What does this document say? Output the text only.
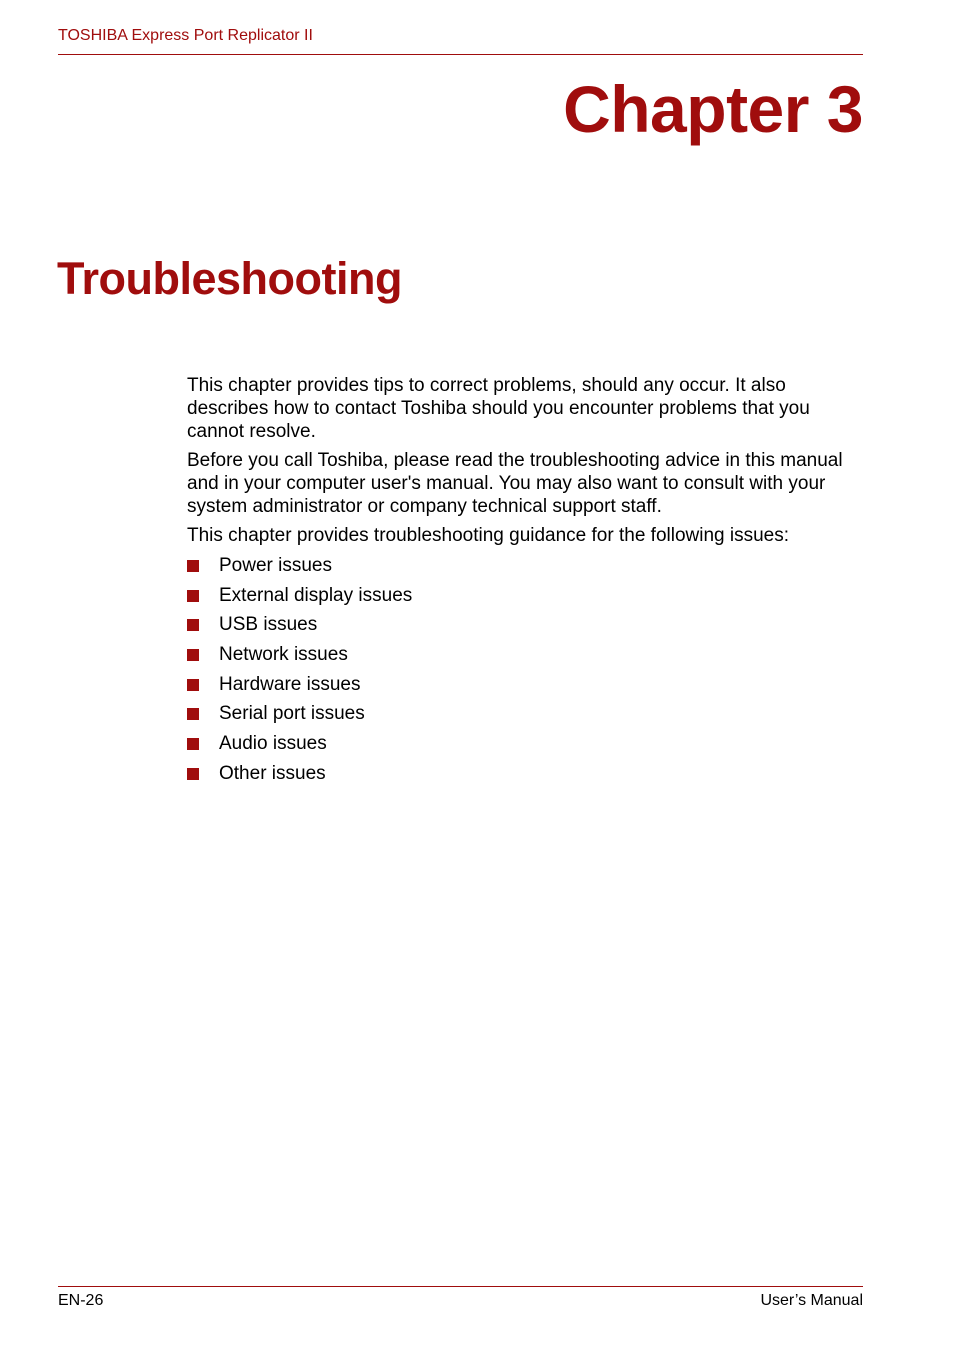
TOSHIBA Express Port Replicator II
Chapter 3
Troubleshooting

This chapter provides tips to correct problems, should any occur. It also describes how to contact Toshiba should you encounter problems that you cannot resolve.

Before you call Toshiba, please read the troubleshooting advice in this manual and in your computer user's manual. You may also want to consult with your system administrator or company technical support staff.

This chapter provides troubleshooting guidance for the following issues:

Power issues
External display issues
USB issues
Network issues
Hardware issues
Serial port issues
Audio issues
Other issues
EN-26	User’s Manual
